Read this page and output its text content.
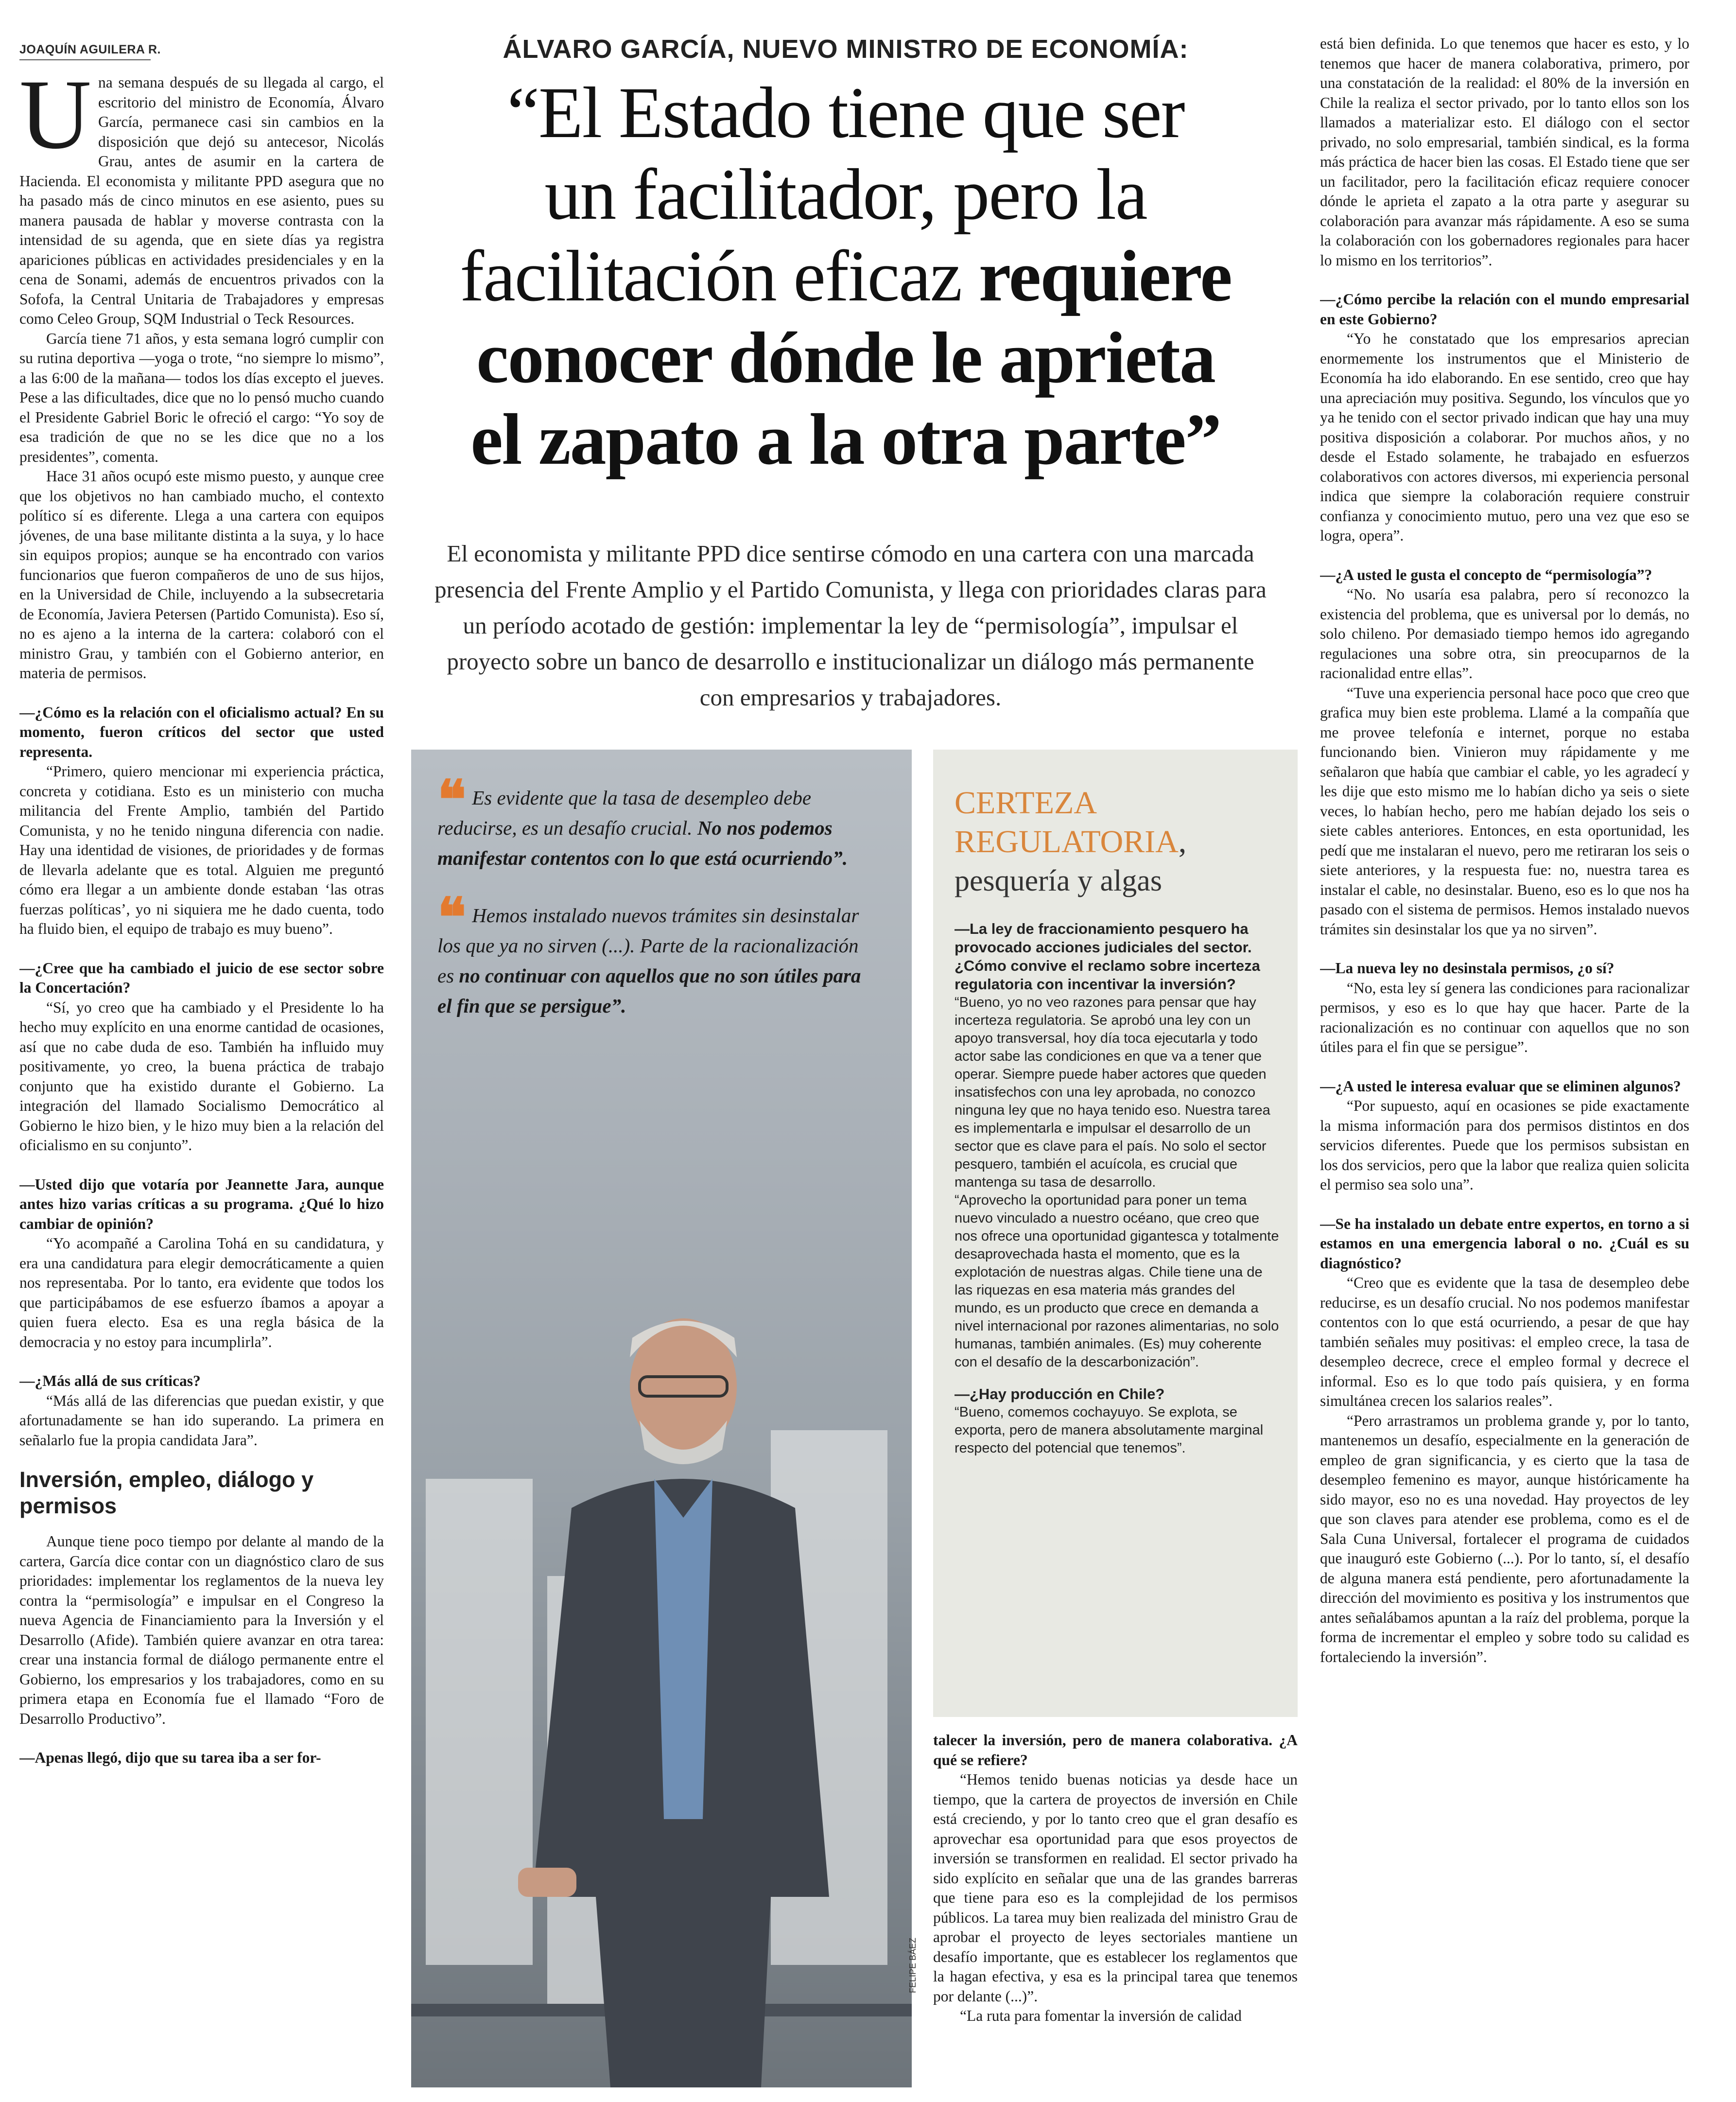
JOAQUÍN AGUILERA R.

Una semana después de su llegada al cargo, el escritorio del ministro de Economía, Álvaro García, permanece casi sin cambios en la disposición que dejó su antecesor, Nicolás Grau, antes de asumir en la cartera de Hacienda. El economista y militante PPD asegura que no ha pasado más de cinco minutos en ese asiento, pues su manera pausada de hablar y moverse contrasta con la intensidad de su agenda, que en siete días ya registra apariciones públicas en actividades presidenciales y en la cena de Sonami, además de encuentros privados con la Sofofa, la Central Unitaria de Trabajadores y empresas como Celeo Group, SQM Industrial o Teck Resources.

García tiene 71 años, y esta semana logró cumplir con su rutina deportiva —yoga o trote, “no siempre lo mismo”, a las 6:00 de la mañana— todos los días excepto el jueves. Pese a las dificultades, dice que no lo pensó mucho cuando el Presidente Gabriel Boric le ofreció el cargo: “Yo soy de esa tradición de que no se les dice que no a los presidentes”, comenta.

Hace 31 años ocupó este mismo puesto, y aunque cree que los objetivos no han cambiado mucho, el contexto político sí es diferente. Llega a una cartera con equipos jóvenes, de una base militante distinta a la suya, y lo hace sin equipos propios; aunque se ha encontrado con varios funcionarios que fueron compañeros de uno de sus hijos, en la Universidad de Chile, incluyendo a la subsecretaria de Economía, Javiera Petersen (Partido Comunista). Eso sí, no es ajeno a la interna de la cartera: colaboró con el ministro Grau, y también con el Gobierno anterior, en materia de permisos.

—¿Cómo es la relación con el oficialismo actual? En su momento, fueron críticos del sector que usted representa.

“Primero, quiero mencionar mi experiencia práctica, concreta y cotidiana. Esto es un ministerio con mucha militancia del Frente Amplio, también del Partido Comunista, y no he tenido ninguna diferencia con nadie. Hay una identidad de visiones, de prioridades y de formas de llevarla adelante que es total. Alguien me preguntó cómo era llegar a un ambiente donde estaban ‘las otras fuerzas políticas’, yo ni siquiera me he dado cuenta, todo ha fluido bien, el equipo de trabajo es muy bueno”.

—¿Cree que ha cambiado el juicio de ese sector sobre la Concertación?

“Sí, yo creo que ha cambiado y el Presidente lo ha hecho muy explícito en una enorme cantidad de ocasiones, así que no cabe duda de eso. También ha influido muy positivamente, yo creo, la buena práctica de trabajo conjunto que ha existido durante el Gobierno. La integración del llamado Socialismo Democrático al Gobierno le hizo bien, y le hizo muy bien a la relación del oficialismo en su conjunto”.

—Usted dijo que votaría por Jeannette Jara, aunque antes hizo varias críticas a su programa. ¿Qué lo hizo cambiar de opinión?

“Yo acompañé a Carolina Tohá en su candidatura, y era una candidatura para elegir democráticamente a quien nos representaba. Por lo tanto, era evidente que todos los que participábamos de ese esfuerzo íbamos a apoyar a quien fuera electo. Esa es una regla básica de la democracia y no estoy para incumplirla”.

—¿Más allá de sus críticas?

“Más allá de las diferencias que puedan existir, y que afortunadamente se han ido superando. La primera en señalarlo fue la propia candidata Jara”.

Inversión, empleo, diálogo y permisos

Aunque tiene poco tiempo por delante al mando de la cartera, García dice contar con un diagnóstico claro de sus prioridades: implementar los reglamentos de la nueva ley contra la “permisología” e impulsar en el Congreso la nueva Agencia de Financiamiento para la Inversión y el Desarrollo (Afide). También quiere avanzar en otra tarea: crear una instancia formal de diálogo permanente entre el Gobierno, los empresarios y los trabajadores, como en su primera etapa en Economía fue el llamado “Foro de Desarrollo Productivo”.

—Apenas llegó, dijo que su tarea iba a ser for-
ÁLVARO GARCÍA, NUEVO MINISTRO DE ECONOMÍA:
“El Estado tiene que ser
un facilitador, pero la
facilitación eficaz requiere
conocer dónde le aprieta
el zapato a la otra parte”
El economista y militante PPD dice sentirse cómodo en una cartera con una marcada presencia del Frente Amplio y el Partido Comunista, y llega con prioridades claras para un período acotado de gestión: implementar la ley de “permisología”, impulsar el proyecto sobre un banco de desarrollo e institucionalizar un diálogo más permanente con empresarios y trabajadores.
FELIPE BÁEZ
❝ Es evidente que la tasa de desempleo debe reducirse, es un desafío crucial. No nos podemos manifestar contentos con lo que está ocurriendo”.
❝ Hemos instalado nuevos trámites sin desinstalar los que ya no sirven (...). Parte de la racionalización es no continuar con aquellos que no son útiles para el fin que se persigue”.
CERTEZA REGULATORIA,
pesquería y algas
—La ley de fraccionamiento pesquero ha provocado acciones judiciales del sector. ¿Cómo convive el reclamo sobre incerteza regulatoria con incentivar la inversión?
“Bueno, yo no veo razones para pensar que hay incerteza regulatoria. Se aprobó una ley con un apoyo transversal, hoy día toca ejecutarla y todo actor sabe las condiciones en que va a tener que operar. Siempre puede haber actores que queden insatisfechos con una ley aprobada, no conozco ninguna ley que no haya tenido eso. Nuestra tarea es implementarla e impulsar el desarrollo de un sector que es clave para el país. No solo el sector pesquero, también el acuícola, es crucial que mantenga su tasa de desarrollo.
“Aprovecho la oportunidad para poner un tema nuevo vinculado a nuestro océano, que creo que nos ofrece una oportunidad gigantesca y totalmente desaprovechada hasta el momento, que es la explotación de nuestras algas. Chile tiene una de las riquezas en esa materia más grandes del mundo, es un producto que crece en demanda a nivel internacional por razones alimentarias, no solo humanas, también animales. (Es) muy coherente con el desafío de la descarbonización”.
—¿Hay producción en Chile?
“Bueno, comemos cochayuyo. Se explota, se exporta, pero de manera absolutamente marginal respecto del potencial que tenemos”.
talecer la inversión, pero de manera colaborativa. ¿A qué se refiere?

“Hemos tenido buenas noticias ya desde hace un tiempo, que la cartera de proyectos de inversión en Chile está creciendo, y por lo tanto creo que el gran desafío es aprovechar esa oportunidad para que esos proyectos de inversión se transformen en realidad. El sector privado ha sido explícito en señalar que una de las grandes barreras que tiene para eso es la complejidad de los permisos públicos. La tarea muy bien realizada del ministro Grau de aprobar el proyecto de leyes sectoriales mantiene un desafío importante, que es establecer los reglamentos que la hagan efectiva, y esa es la principal tarea que tenemos por delante (...)”.

“La ruta para fomentar la inversión de calidad

está bien definida. Lo que tenemos que hacer es esto, y lo tenemos que hacer de manera colaborativa, primero, por una constatación de la realidad: el 80% de la inversión en Chile la realiza el sector privado, por lo tanto ellos son los llamados a materializar esto. El diálogo con el sector privado, no solo empresarial, también sindical, es la forma más práctica de hacer bien las cosas. El Estado tiene que ser un facilitador, pero la facilitación eficaz requiere conocer dónde le aprieta el zapato a la otra parte y asegurar su colaboración para avanzar más rápidamente. A eso se suma la colaboración con los gobernadores regionales para hacer lo mismo en los territorios”.

—¿Cómo percibe la relación con el mundo empresarial en este Gobierno?

“Yo he constatado que los empresarios aprecian enormemente los instrumentos que el Ministerio de Economía ha ido elaborando. En ese sentido, creo que hay una apreciación muy positiva. Segundo, los vínculos que yo ya he tenido con el sector privado indican que hay una muy positiva disposición a colaborar. Por muchos años, y no desde el Estado solamente, he trabajado en esfuerzos colaborativos con actores diversos, mi experiencia personal indica que siempre la colaboración requiere construir confianza y conocimiento mutuo, pero una vez que eso se logra, opera”.

—¿A usted le gusta el concepto de “permisología”?

“No. No usaría esa palabra, pero sí reconozco la existencia del problema, que es universal por lo demás, no solo chileno. Por demasiado tiempo hemos ido agregando regulaciones una sobre otra, sin preocuparnos de la racionalidad entre ellas”.

“Tuve una experiencia personal hace poco que creo que grafica muy bien este problema. Llamé a la compañía que me provee telefonía e internet, porque no estaba funcionando bien. Vinieron muy rápidamente y me señalaron que había que cambiar el cable, yo les agradecí y les dije que esto mismo me lo habían dicho ya seis o siete veces, lo habían hecho, pero me habían dejado los seis o siete cables anteriores. Entonces, en esta oportunidad, les pedí que me instalaran el nuevo, pero me retiraran los seis o siete anteriores, y la respuesta fue: no, nuestra tarea es instalar el cable, no desinstalar. Bueno, eso es lo que nos ha pasado con el sistema de permisos. Hemos instalado nuevos trámites sin desinstalar los que ya no sirven”.

—La nueva ley no desinstala permisos, ¿o sí?

“No, esta ley sí genera las condiciones para racionalizar permisos, y eso es lo que hay que hacer. Parte de la racionalización es no continuar con aquellos que no son útiles para el fin que se persigue”.

—¿A usted le interesa evaluar que se eliminen algunos?

“Por supuesto, aquí en ocasiones se pide exactamente la misma información para dos permisos distintos en dos servicios diferentes. Puede que los permisos subsistan en los dos servicios, pero que la labor que realiza quien solicita el permiso sea solo una”.

—Se ha instalado un debate entre expertos, en torno a si estamos en una emergencia laboral o no. ¿Cuál es su diagnóstico?

“Creo que es evidente que la tasa de desempleo debe reducirse, es un desafío crucial. No nos podemos manifestar contentos con lo que está ocurriendo, a pesar de que hay también señales muy positivas: el empleo crece, la tasa de desempleo decrece, crece el empleo formal y decrece el informal. Eso es lo que todo país quisiera, y en forma simultánea crecen los salarios reales”.

“Pero arrastramos un problema grande y, por lo tanto, mantenemos un desafío, especialmente en la generación de empleo de gran significancia, y es cierto que la tasa de desempleo femenino es mayor, aunque históricamente ha sido mayor, eso no es una novedad. Hay proyectos de ley que son claves para atender ese problema, como es el de Sala Cuna Universal, fortalecer el programa de cuidados que inauguró este Gobierno (...). Por lo tanto, sí, el desafío de alguna manera está pendiente, pero afortunadamente la dirección del movimiento es positiva y los instrumentos que antes señalábamos apuntan a la raíz del problema, porque la forma de incrementar el empleo y sobre todo su calidad es fortaleciendo la inversión”.
